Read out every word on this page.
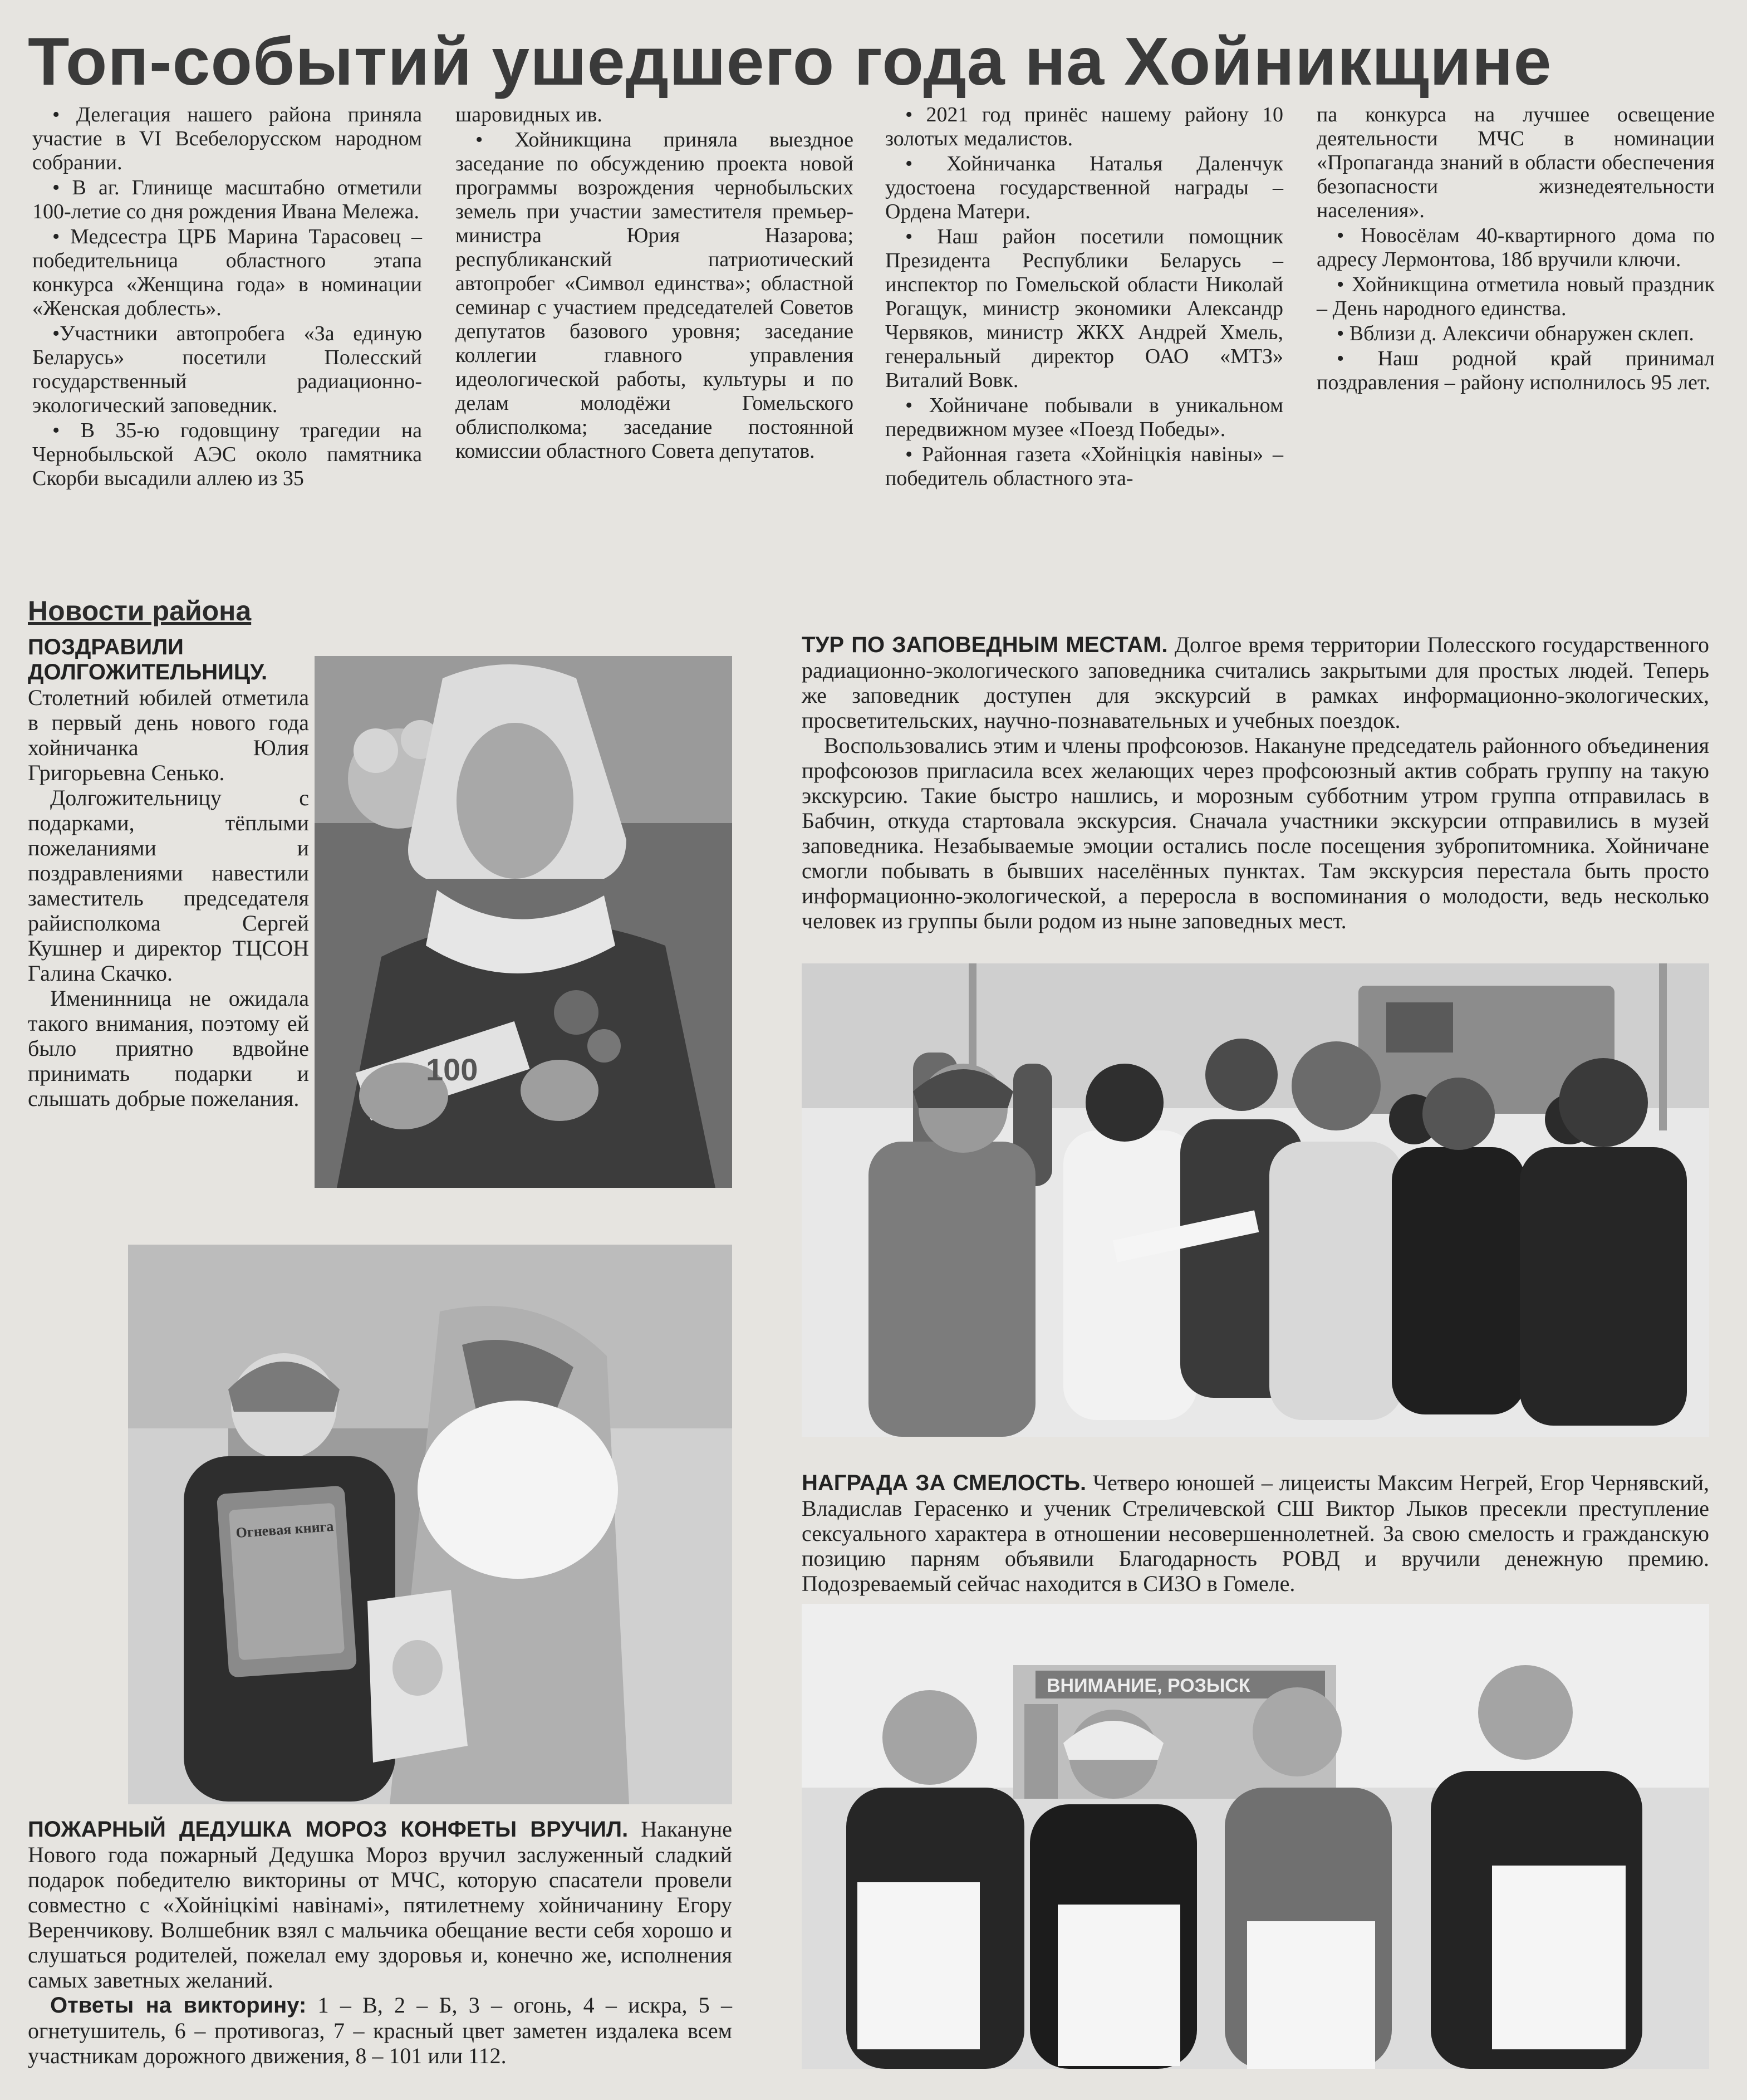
Топ-событий ушедшего года на Хойникщине

• Делегация нашего района приняла участие в VI Всебелорусском народном собрании.

• В аг. Глинище масштабно отметили 100-летие со дня рождения Ивана Мележа.

• Медсестра ЦРБ Марина Тарасовец – победительница областного этапа конкурса «Женщина года» в номинации «Женская доблесть».

•Участники автопробега «За единую Беларусь» посетили Полесский государственный радиационно-экологический заповедник.

• В 35-ю годовщину трагедии на Чернобыльской АЭС около памятника Скорби высадили аллею из 35

шаровидных ив.

• Хойникщина приняла выездное заседание по обсуждению проекта новой программы возрождения чернобыльских земель при участии заместителя премьер-министра Юрия Назарова; республиканский патриотический автопробег «Символ единства»; областной семинар с участием председателей Советов депутатов базового уровня; заседание коллегии главного управления идеологической работы, культуры и по делам молодёжи Гомельского облисполкома; заседание постоянной комиссии областного Совета депутатов.

• 2021 год принёс нашему району 10 золотых медалистов.

• Хойничанка Наталья Даленчук удостоена государственной награды – Ордена Матери.

• Наш район посетили помощник Президента Республики Беларусь – инспектор по Гомельской области Николай Рогащук, министр экономики Александр Червяков, министр ЖКХ Андрей Хмель, генеральный директор ОАО «МТЗ» Виталий Вовк.

• Хойничане побывали в уникальном передвижном музее «Поезд Победы».

• Районная газета «Хойніцкія навіны» – победитель областного эта-

па конкурса на лучшее освещение деятельности МЧС в номинации «Пропаганда знаний в области обеспечения безопасности жизнедеятельности населения».

• Новосёлам 40-квартирного дома по адресу Лермонтова, 18б вручили ключи.

• Хойникщина отметила новый праздник – День народного единства.

• Вблизи д. Алексичи обнаружен склеп.

• Наш родной край принимал поздравления – району исполнилось 95 лет.

Новости района
ПОЗДРАВИЛИ
ДОЛГОЖИТЕЛЬНИЦУ.

Столетний юбилей отметила в первый день нового года хойничанка Юлия Григорьевна Сенько.

Долгожительницу с подарками, тёплыми пожеланиями и поздравлениями навестили заместитель председателя райисполкома Сергей Кушнер и директор ТЦСОН Галина Скачко.

Именинница не ожидала такого внимания, поэтому ей было приятно вдвойне принимать подарки и слышать добрые пожелания.

100

ТУР ПО ЗАПОВЕДНЫМ МЕСТАМ. Долгое время территории Полесского государственного радиационно-экологического заповедника считались закрытыми для простых людей. Теперь же заповедник доступен для экскурсий в рамках информационно-экологических, просветительских, научно-познавательных и учебных поездок.

Воспользовались этим и члены профсоюзов. Накануне председатель районного объединения профсоюзов пригласила всех желающих через профсоюзный актив собрать группу на такую экскурсию. Такие быстро нашлись, и морозным субботним утром группа отправилась в Бабчин, откуда стартовала экскурсия. Сначала участники экскурсии отправились в музей заповедника. Незабываемые эмоции остались после посещения зубропитомника. Хойничане смогли побывать в бывших населённых пунктах. Там экскурсия перестала быть просто информационно-экологической, а переросла в воспоминания о молодости, ведь несколько человек из группы были родом из ныне заповедных мест.

Огневая книга

ПОЖАРНЫЙ ДЕДУШКА МОРОЗ КОНФЕТЫ ВРУЧИЛ. Накануне Нового года пожарный Дедушка Мороз вручил заслуженный сладкий подарок победителю викторины от МЧС, которую спасатели провели совместно с «Хойніцкімі навінамі», пятилетнему хойничанину Егору Веренчикову. Волшебник взял с мальчика обещание вести себя хорошо и слушаться родителей, пожелал ему здоровья и, конечно же, исполнения самых заветных желаний.

Ответы на викторину: 1 – В, 2 – Б, 3 – огонь, 4 – искра, 5 – огнетушитель, 6 – противогаз, 7 – красный цвет заметен издалека всем участникам дорожного движения, 8 – 101 или 112.

НАГРАДА ЗА СМЕЛОСТЬ. Четверо юношей – лицеисты Максим Негрей, Егор Чернявский, Владислав Герасенко и ученик Стреличевской СШ Виктор Лыков пресекли преступление сексуального характера в отношении несовершеннолетней. За свою смелость и гражданскую позицию парням объявили Благодарность РОВД и вручили денежную премию. Подозреваемый сейчас находится в СИЗО в Гомеле.

ВНИМАНИЕ, РОЗЫСК
